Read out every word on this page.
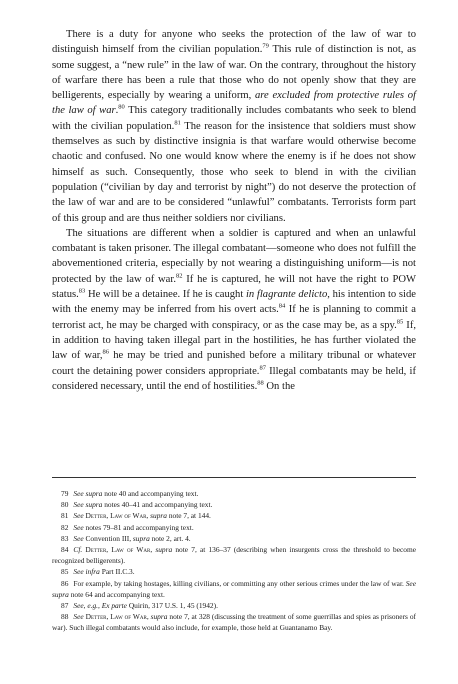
There is a duty for anyone who seeks the protection of the law of war to distinguish himself from the civilian population.$^{79}$ This rule of distinction is not, as some suggest, a “new rule” in the law of war. On the contrary, throughout the history of warfare there has been a rule that those who do not openly show that they are belligerents, especially by wearing a uniform, are excluded from protective rules of the law of war.$^{80}$ This category traditionally includes combatants who seek to blend with the civilian population.$^{81}$ The reason for the insistence that soldiers must show themselves as such by distinctive insignia is that warfare would otherwise become chaotic and confused. No one would know where the enemy is if he does not show himself as such. Consequently, those who seek to blend in with the civilian population (“civilian by day and terrorist by night”) do not deserve the protection of the law of war and are to be considered “unlawful” combatants. Terrorists form part of this group and are thus neither soldiers nor civilians.

The situations are different when a soldier is captured and when an unlawful combatant is taken prisoner. The illegal combatant—someone who does not fulfill the abovementioned criteria, especially by not wearing a distinguishing uniform—is not protected by the law of war.$^{82}$ If he is captured, he will not have the right to POW status.$^{83}$ He will be a detainee. If he is caught in flagrante delicto, his intention to side with the enemy may be inferred from his overt acts.$^{84}$ If he is planning to commit a terrorist act, he may be charged with conspiracy, or as the case may be, as a spy.$^{85}$ If, in addition to having taken illegal part in the hostilities, he has further violated the law of war,$^{86}$ he may be tried and punished before a military tribunal or whatever court the detaining power considers appropriate.$^{87}$ Illegal combatants may be held, if considered necessary, until the end of hostilities.$^{88}$ On the

79 See supra note 40 and accompanying text.

80 See supra notes 40–41 and accompanying text.

81 See Detter, Law of War, supra note 7, at 144.

82 See notes 79–81 and accompanying text.

83 See Convention III, supra note 2, art. 4.

84 Cf. Detter, Law of War, supra note 7, at 136–37 (describing when insurgents cross the threshold to become recognized belligerents).

85 See infra Part II.C.3.

86 For example, by taking hostages, killing civilians, or committing any other serious crimes under the law of war. See supra note 64 and accompanying text.

87 See, e.g., Ex parte Quirin, 317 U.S. 1, 45 (1942).

88 See Detter, Law of War, supra note 7, at 328 (discussing the treatment of some guerrillas and spies as prisoners of war). Such illegal combatants would also include, for example, those held at Guantanamo Bay.
